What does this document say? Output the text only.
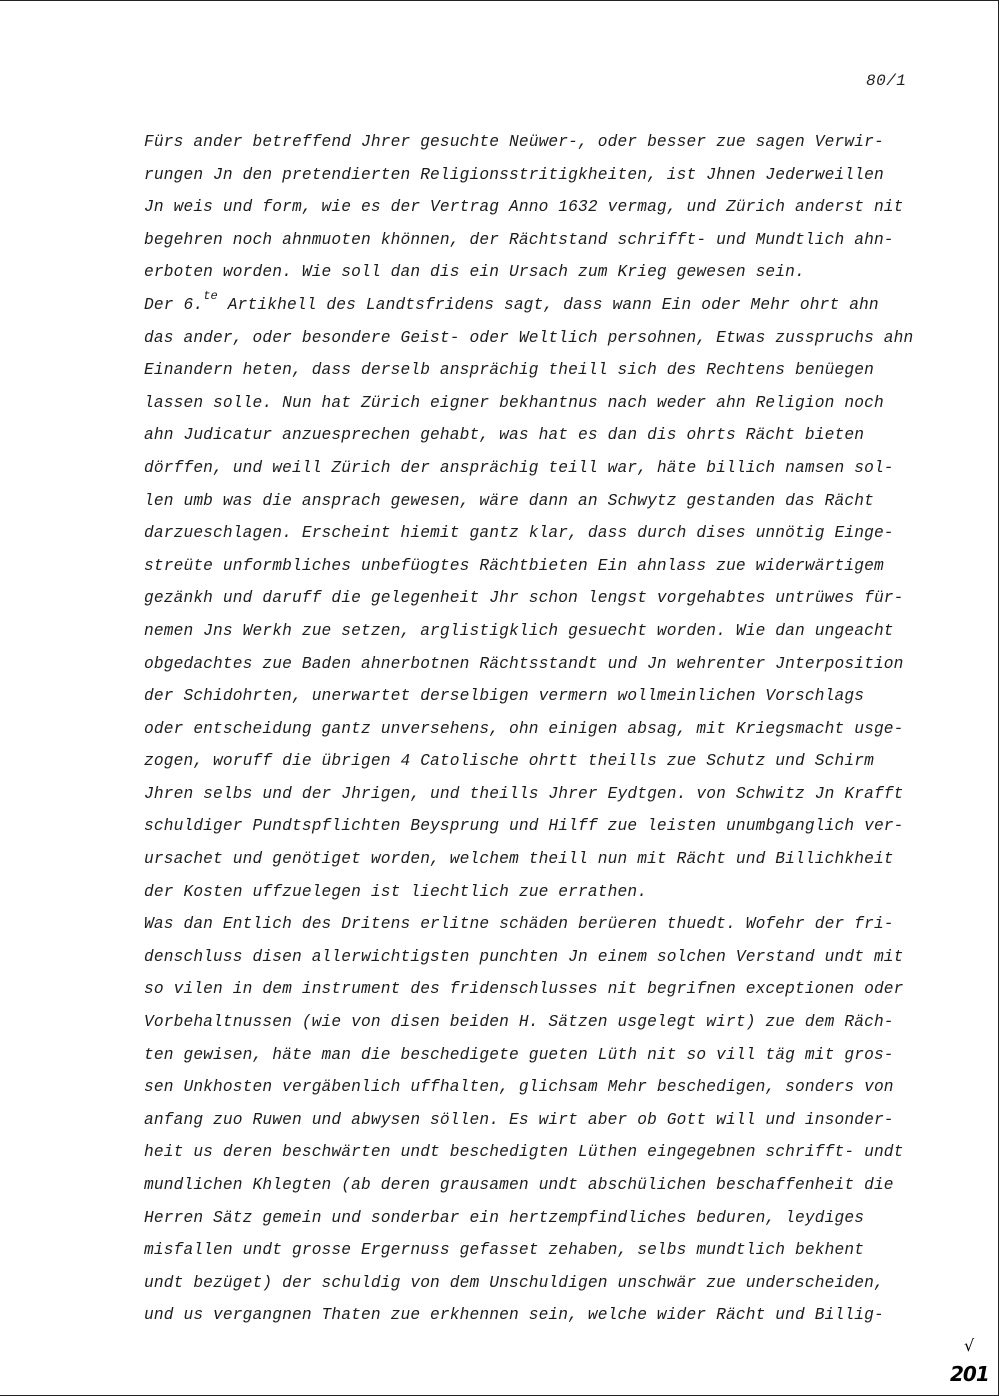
80/1
Fürs ander betreffend Jhrer gesuchte Neüwer-, oder besser zue sagen Verwir-
rungen Jn den pretendierten Religionsstritigkheiten, ist Jhnen Jederweillen
Jn weis und form, wie es der Vertrag Anno 1632 vermag, und Zürich anderst nit
begehren noch ahnmuoten khönnen, der Rächtstand schrifft- und Mundtlich ahn-
erboten worden. Wie soll dan dis ein Ursach zum Krieg gewesen sein.
Der 6.$^{te}$ Artikhell des Landtsfridens sagt, dass wann Ein oder Mehr ohrt ahn
das ander, oder besondere Geist- oder Weltlich persohnen, Etwas zusspruchs ahn
Einandern heten, dass derselb ansprächig theill sich des Rechtens benüegen
lassen solle. Nun hat Zürich eigner bekhantnus nach weder ahn Religion noch
ahn Judicatur anzuesprechen gehabt, was hat es dan dis ohrts Rächt bieten
dörffen, und weill Zürich der ansprächig teill war, häte billich namsen sol-
len umb was die ansprach gewesen, wäre dann an Schwytz gestanden das Rächt
darzueschlagen. Erscheint hiemit gantz klar, dass durch dises unnötig Einge-
streüte unformbliches unbefüogtes Rächtbieten Ein ahnlass zue widerwärtigem
gezänkh und daruff die gelegenheit Jhr schon lengst vorgehabtes untrüwes für-
nemen Jns Werkh zue setzen, arglistigklich gesuecht worden. Wie dan ungeacht
obgedachtes zue Baden ahnerbotnen Rächtsstandt und Jn wehrenter Jnterposition
der Schidohrten, unerwartet derselbigen vermern wollmeinlichen Vorschlags
oder entscheidung gantz unversehens, ohn einigen absag, mit Kriegsmacht usge-
zogen, woruff die übrigen 4 Catolische ohrtt theills zue Schutz und Schirm
Jhren selbs und der Jhrigen, und theills Jhrer Eydtgen. von Schwitz Jn Krafft
schuldiger Pundtspflichten Beysprung und Hilff zue leisten unumbganglich ver-
ursachet und genötiget worden, welchem theill nun mit Rächt und Billichkheit
der Kosten uffzuelegen ist liechtlich zue errathen.
Was dan Entlich des Dritens erlitne schäden berüeren thuedt. Wofehr der fri-
denschluss disen allerwichtigsten punchten Jn einem solchen Verstand undt mit
so vilen in dem instrument des fridenschlusses nit begrifnen exceptionen oder
Vorbehaltnussen (wie von disen beiden H. Sätzen usgelegt wirt) zue dem Räch-
ten gewisen, häte man die beschedigete gueten Lüth nit so vill täg mit gros-
sen Unkhosten vergäbenlich uffhalten, glichsam Mehr beschedigen, sonders von
anfang zuo Ruwen und abwysen söllen. Es wirt aber ob Gott will und insonder-
heit us deren beschwärten undt beschedigten Lüthen eingegebnen schrifft- undt
mundlichen Khlegten (ab deren grausamen undt abschülichen beschaffenheit die
Herren Sätz gemein und sonderbar ein hertzempfindliches beduren, leydiges
misfallen undt grosse Ergernuss gefasset zehaben, selbs mundtlich bekhent
undt bezüget) der schuldig von dem Unschuldigen unschwär zue underscheiden,
und us vergangnen Thaten zue erkhennen sein, welche wider Rächt und Billig-
√
201
